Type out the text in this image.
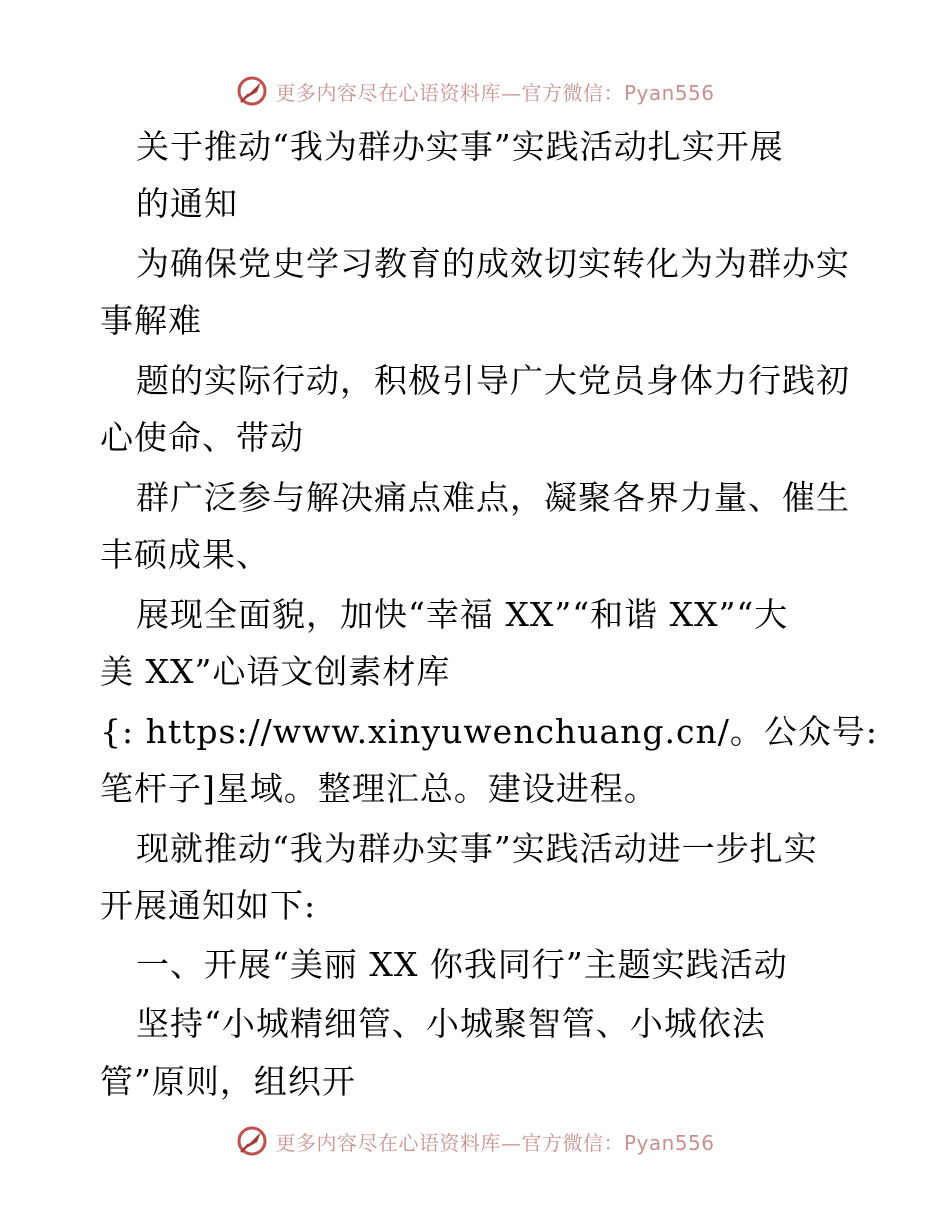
更多内容尽在心语资料库—官方微信：Pyan556
关于推动“我为群办实事”实践活动扎实开展
的通知
为确保党史学习教育的成效切实转化为为群办实
事解难
题的实际行动，积极引导广大党员身体力行践初
心使命、带动
群广泛参与解决痛点难点，凝聚各界力量、催生
丰硕成果、
展现全面貌，加快“幸福 XX”“和谐 XX”“大
美 XX”心语文创素材库
{: https://www.xinyuwenchuang.cn/。公众号:
笔杆子]星域。整理汇总。建设进程。
现就推动“我为群办实事”实践活动进一步扎实
开展通知如下:
一、开展“美丽 XX 你我同行”主题实践活动
坚持“小城精细管、小城聚智管、小城依法
管”原则，组织开
更多内容尽在心语资料库—官方微信：Pyan556
